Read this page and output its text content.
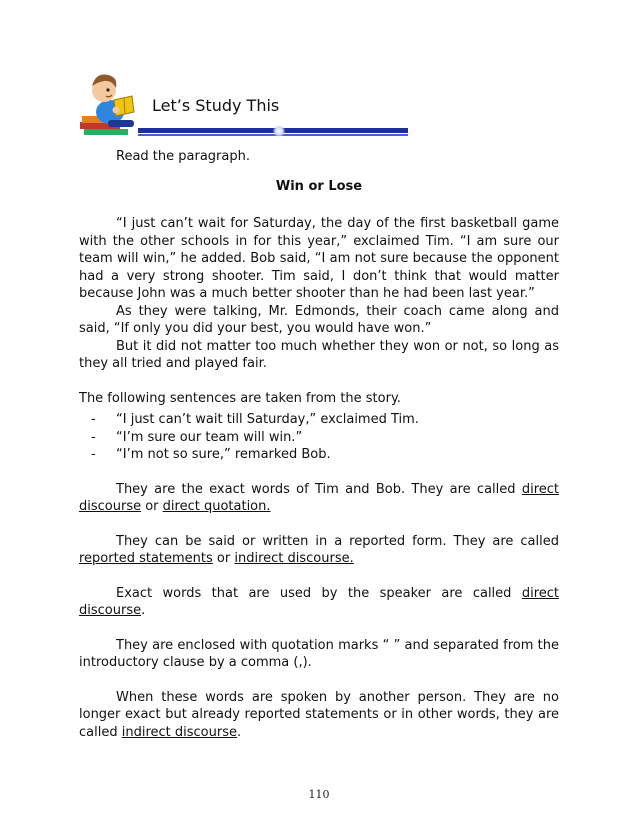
Let’s Study This

Read the paragraph.

Win or Lose

“I just can’t wait for Saturday, the day of the first basketball game with the other schools in for this year,” exclaimed Tim. “I am sure our team will win,” he added. Bob said, “I am not sure because the opponent had a very strong shooter. Tim said, I don’t think that would matter because John was a much better shooter than he had been last year.”

As they were talking, Mr. Edmonds, their coach came along and said, “If only you did your best, you would have won.”

But it did not matter too much whether they won or not, so long as they all tried and played fair.

The following sentences are taken from the story.

- “I just can’t wait till Saturday,” exclaimed Tim.
- “I’m sure our team will win.”
- “I’m not so sure,” remarked Bob.

They are the exact words of Tim and Bob. They are called direct discourse or direct quotation.

They can be said or written in a reported form. They are called reported statements or indirect discourse.

Exact words that are used by the speaker are called direct discourse.

They are enclosed with quotation marks “ ” and separated from the introductory clause by a comma (,).

When these words are spoken by another person. They are no longer exact but already reported statements or in other words, they are called indirect discourse.

110
